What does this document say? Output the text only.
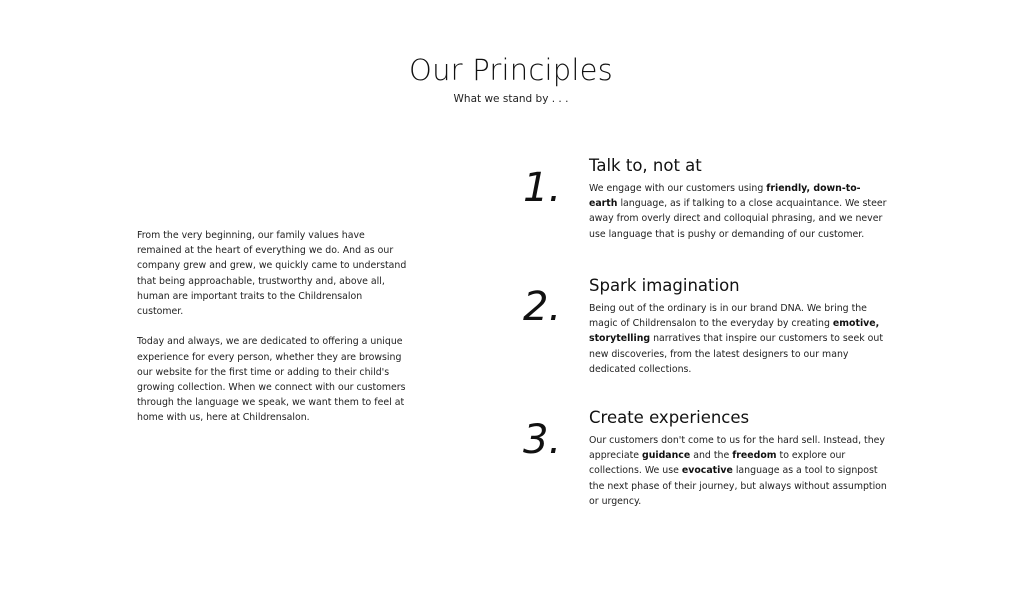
Our Principles
What we stand by . . .

From the very beginning, our family values have remained at the heart of everything we do. And as our company grew and grew, we quickly came to understand that being approachable, trustworthy and, above all, human are important traits to the Childrensalon customer.

Today and always, we are dedicated to offering a unique experience for every person, whether they are browsing our website for the first time or adding to their child's growing collection. When we connect with our customers through the language we speak, we want them to feel at home with us, here at Childrensalon.

1. Talk to, not at

We engage with our customers using friendly, down-to-earth language, as if talking to a close acquaintance. We steer away from overly direct and colloquial phrasing, and we never use language that is pushy or demanding of our customer.

2. Spark imagination

Being out of the ordinary is in our brand DNA. We bring the magic of Childrensalon to the everyday by creating emotive, storytelling narratives that inspire our customers to seek out new discoveries, from the latest designers to our many dedicated collections.

3. Create experiences

Our customers don't come to us for the hard sell. Instead, they appreciate guidance and the freedom to explore our collections. We use evocative language as a tool to signpost the next phase of their journey, but always without assumption or urgency.
